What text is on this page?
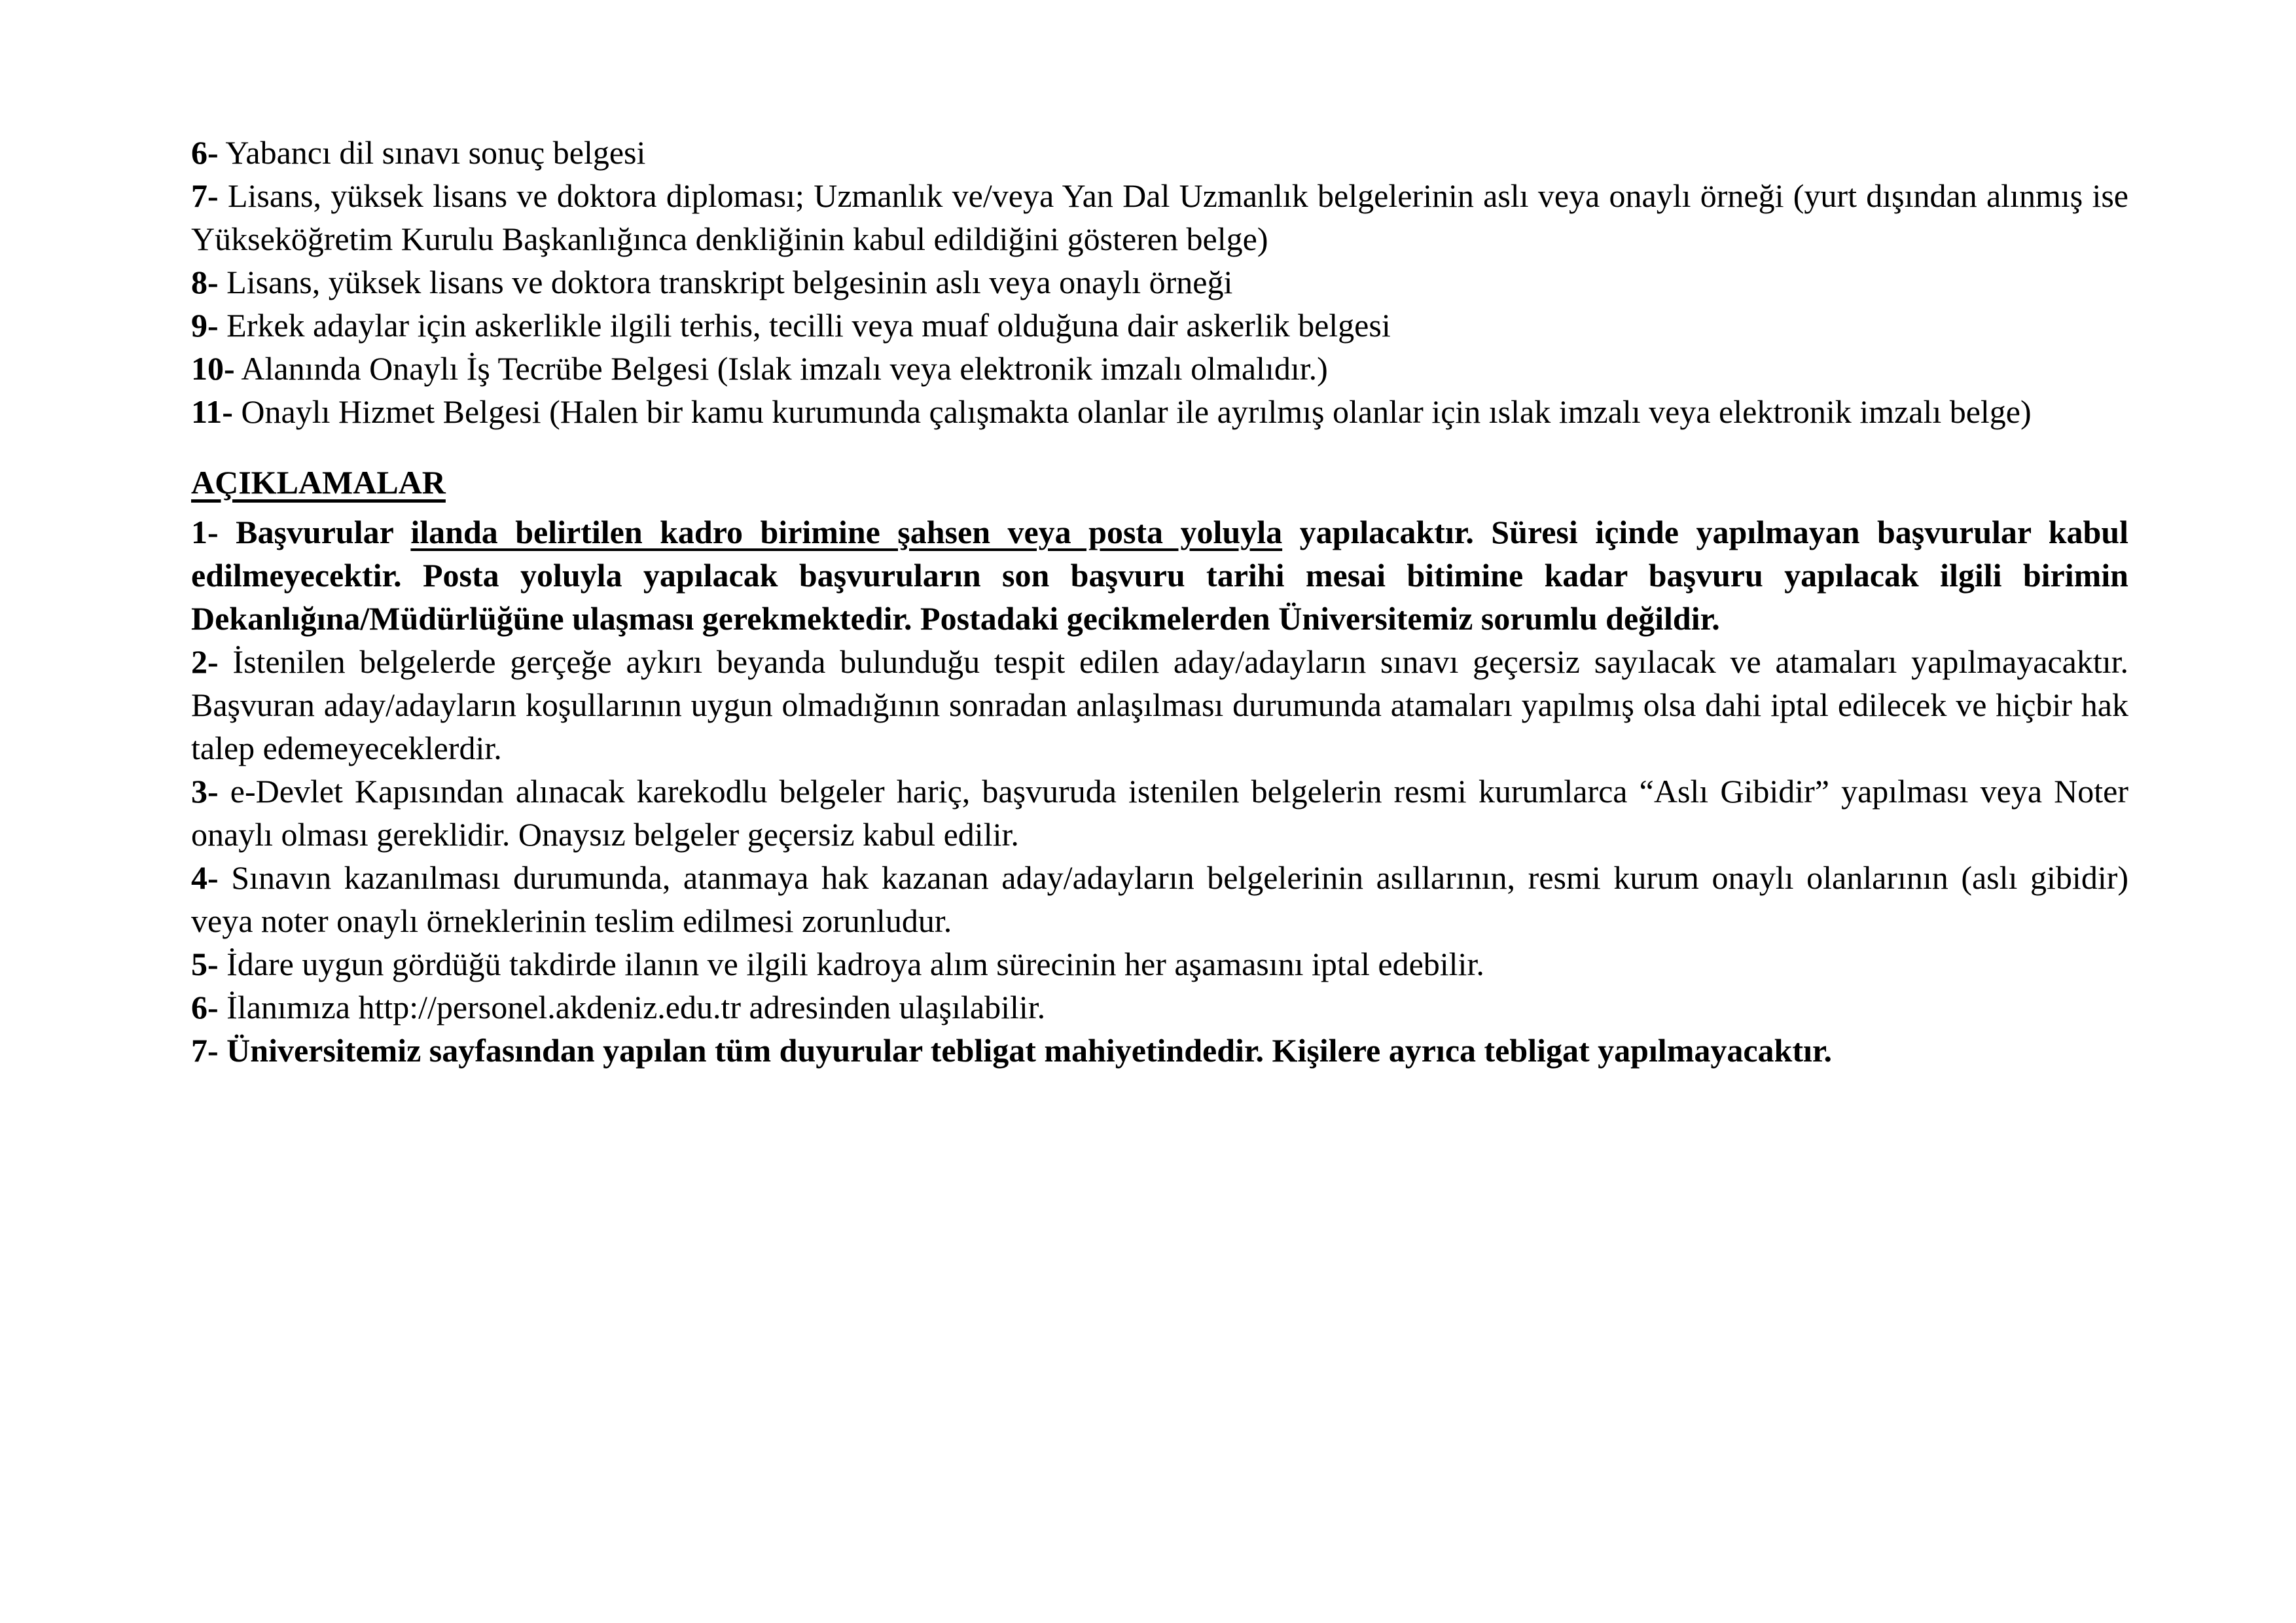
6- Yabancı dil sınavı sonuç belgesi

7- Lisans, yüksek lisans ve doktora diploması; Uzmanlık ve/veya Yan Dal Uzmanlık belgelerinin aslı veya onaylı örneği (yurt dışından alınmış ise Yükseköğretim Kurulu Başkanlığınca denkliğinin kabul edildiğini gösteren belge)

8- Lisans, yüksek lisans ve doktora transkript belgesinin aslı veya onaylı örneği

9- Erkek adaylar için askerlikle ilgili terhis, tecilli veya muaf olduğuna dair askerlik belgesi

10- Alanında Onaylı İş Tecrübe Belgesi (Islak imzalı veya elektronik imzalı olmalıdır.)

11- Onaylı Hizmet Belgesi (Halen bir kamu kurumunda çalışmakta olanlar ile ayrılmış olanlar için ıslak imzalı veya elektronik imzalı belge)

AÇIKLAMALAR

1- Başvurular ilanda belirtilen kadro birimine şahsen veya posta yoluyla yapılacaktır. Süresi içinde yapılmayan başvurular kabul edilmeyecektir. Posta yoluyla yapılacak başvuruların son başvuru tarihi mesai bitimine kadar başvuru yapılacak ilgili birimin Dekanlığına/Müdürlüğüne ulaşması gerekmektedir. Postadaki gecikmelerden Üniversitemiz sorumlu değildir.

2- İstenilen belgelerde gerçeğe aykırı beyanda bulunduğu tespit edilen aday/adayların sınavı geçersiz sayılacak ve atamaları yapılmayacaktır. Başvuran aday/adayların koşullarının uygun olmadığının sonradan anlaşılması durumunda atamaları yapılmış olsa dahi iptal edilecek ve hiçbir hak talep edemeyeceklerdir.

3- e-Devlet Kapısından alınacak karekodlu belgeler hariç, başvuruda istenilen belgelerin resmi kurumlarca “Aslı Gibidir” yapılması veya Noter onaylı olması gereklidir. Onaysız belgeler geçersiz kabul edilir.

4- Sınavın kazanılması durumunda, atanmaya hak kazanan aday/adayların belgelerinin asıllarının, resmi kurum onaylı olanlarının (aslı gibidir) veya noter onaylı örneklerinin teslim edilmesi zorunludur.

5- İdare uygun gördüğü takdirde ilanın ve ilgili kadroya alım sürecinin her aşamasını iptal edebilir.

6- İlanımıza http://personel.akdeniz.edu.tr adresinden ulaşılabilir.

7- Üniversitemiz sayfasından yapılan tüm duyurular tebligat mahiyetindedir. Kişilere ayrıca tebligat yapılmayacaktır.
